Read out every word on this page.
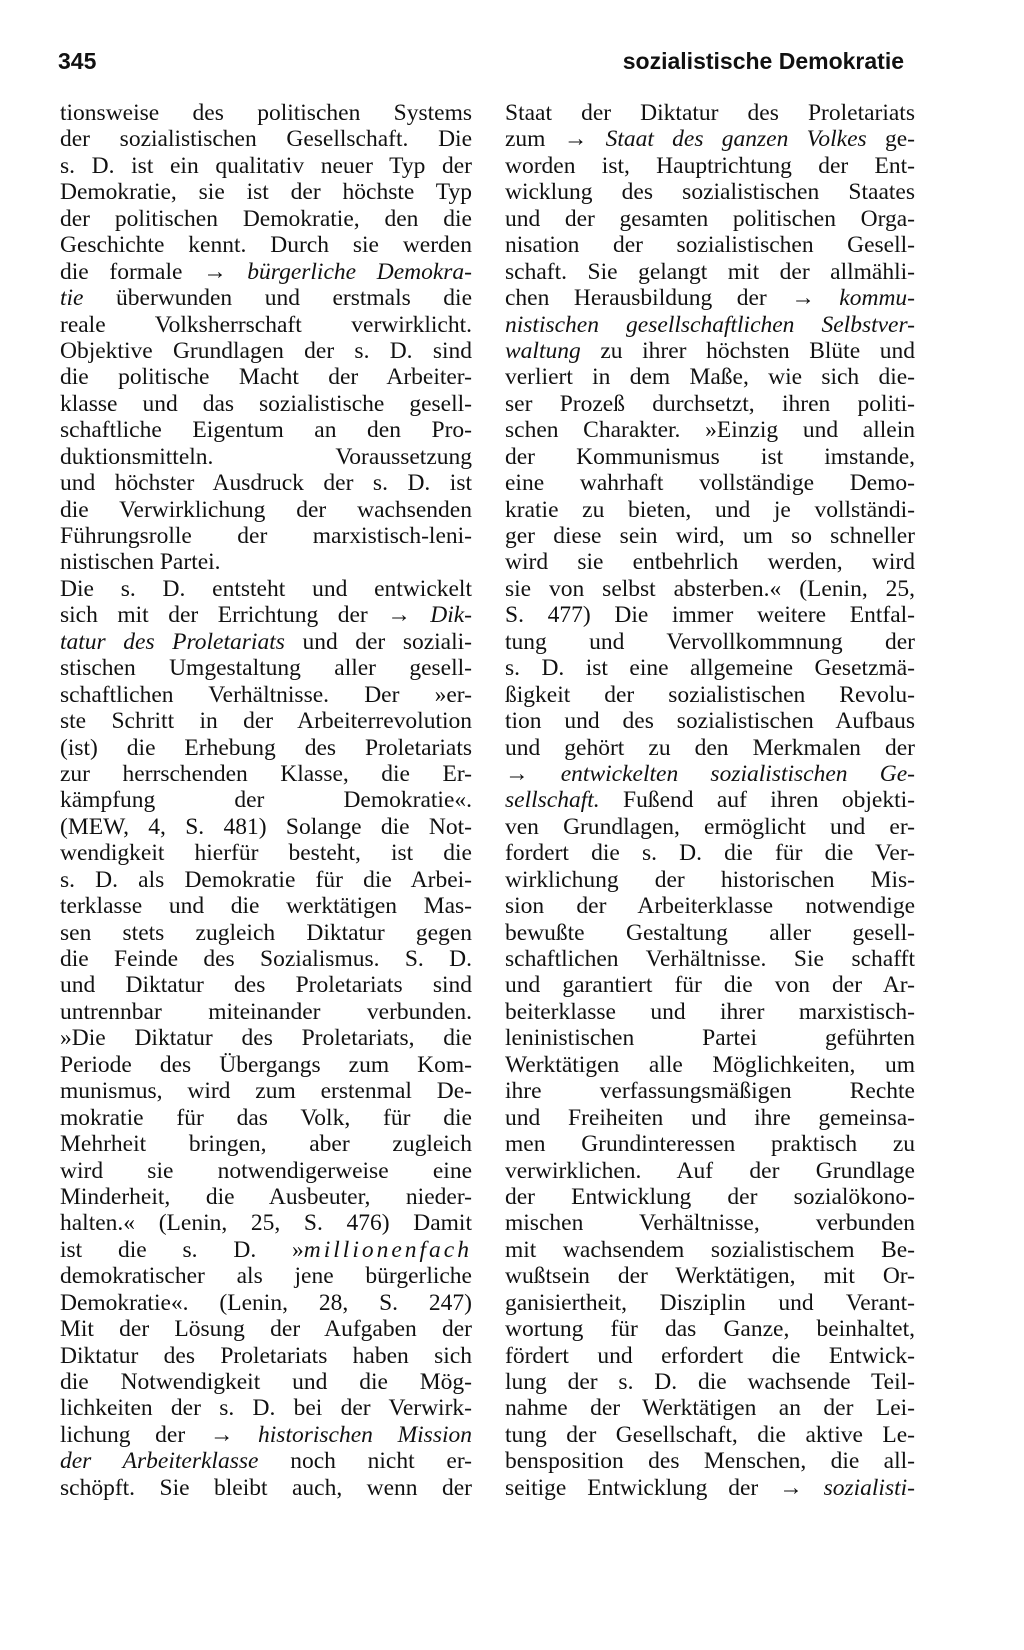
345	sozialistische Demokratie
tionsweise des politischen Systems
der sozialistischen Gesellschaft. Die
s. D. ist ein qualitativ neuer Typ der
Demokratie, sie ist der höchste Typ
der politischen Demokratie, den die
Geschichte kennt. Durch sie werden
die formale → bürgerliche Demokra-
tie überwunden und erstmals die
reale Volksherrschaft verwirklicht.
Objektive Grundlagen der s. D. sind
die politische Macht der Arbeiter-
klasse und das sozialistische gesell-
schaftliche Eigentum an den Pro-
duktionsmitteln. Voraussetzung
und höchster Ausdruck der s. D. ist
die Verwirklichung der wachsenden
Führungsrolle der marxistisch-leni-
nistischen Partei.
Die s. D. entsteht und entwickelt
sich mit der Errichtung der → Dik-
tatur des Proletariats und der soziali-
stischen Umgestaltung aller gesell-
schaftlichen Verhältnisse. Der »er-
ste Schritt in der Arbeiterrevolution
(ist) die Erhebung des Proletariats
zur herrschenden Klasse, die Er-
kämpfung der Demokratie«.
(MEW, 4, S. 481) Solange die Not-
wendigkeit hierfür besteht, ist die
s. D. als Demokratie für die Arbei-
terklasse und die werktätigen Mas-
sen stets zugleich Diktatur gegen
die Feinde des Sozialismus. S. D.
und Diktatur des Proletariats sind
untrennbar miteinander verbunden.
»Die Diktatur des Proletariats, die
Periode des Übergangs zum Kom-
munismus, wird zum erstenmal De-
mokratie für das Volk, für die
Mehrheit bringen, aber zugleich
wird sie notwendigerweise eine
Minderheit, die Ausbeuter, nieder-
halten.« (Lenin, 25, S. 476) Damit
ist die s. D. »millionenfach
demokratischer als jene bürgerliche
Demokratie«. (Lenin, 28, S. 247)
Mit der Lösung der Aufgaben der
Diktatur des Proletariats haben sich
die Notwendigkeit und die Mög-
lichkeiten der s. D. bei der Verwirk-
lichung der → historischen Mission
der Arbeiterklasse noch nicht er-
schöpft. Sie bleibt auch, wenn der
Staat der Diktatur des Proletariats
zum → Staat des ganzen Volkes ge-
worden ist, Hauptrichtung der Ent-
wicklung des sozialistischen Staates
und der gesamten politischen Orga-
nisation der sozialistischen Gesell-
schaft. Sie gelangt mit der allmähli-
chen Herausbildung der → kommu-
nistischen gesellschaftlichen Selbstver-
waltung zu ihrer höchsten Blüte und
verliert in dem Maße, wie sich die-
ser Prozeß durchsetzt, ihren politi-
schen Charakter. »Einzig und allein
der Kommunismus ist imstande,
eine wahrhaft vollständige Demo-
kratie zu bieten, und je vollständi-
ger diese sein wird, um so schneller
wird sie entbehrlich werden, wird
sie von selbst absterben.« (Lenin, 25,
S. 477) Die immer weitere Entfal-
tung und Vervollkommnung der
s. D. ist eine allgemeine Gesetzmä-
ßigkeit der sozialistischen Revolu-
tion und des sozialistischen Aufbaus
und gehört zu den Merkmalen der
→ entwickelten sozialistischen Ge-
sellschaft. Fußend auf ihren objekti-
ven Grundlagen, ermöglicht und er-
fordert die s. D. die für die Ver-
wirklichung der historischen Mis-
sion der Arbeiterklasse notwendige
bewußte Gestaltung aller gesell-
schaftlichen Verhältnisse. Sie schafft
und garantiert für die von der Ar-
beiterklasse und ihrer marxistisch-
leninistischen Partei geführten
Werktätigen alle Möglichkeiten, um
ihre verfassungsmäßigen Rechte
und Freiheiten und ihre gemeinsa-
men Grundinteressen praktisch zu
verwirklichen. Auf der Grundlage
der Entwicklung der sozialökono-
mischen Verhältnisse, verbunden
mit wachsendem sozialistischem Be-
wußtsein der Werktätigen, mit Or-
ganisiertheit, Disziplin und Verant-
wortung für das Ganze, beinhaltet,
fördert und erfordert die Entwick-
lung der s. D. die wachsende Teil-
nahme der Werktätigen an der Lei-
tung der Gesellschaft, die aktive Le-
bensposition des Menschen, die all-
seitige Entwicklung der → sozialisti-
